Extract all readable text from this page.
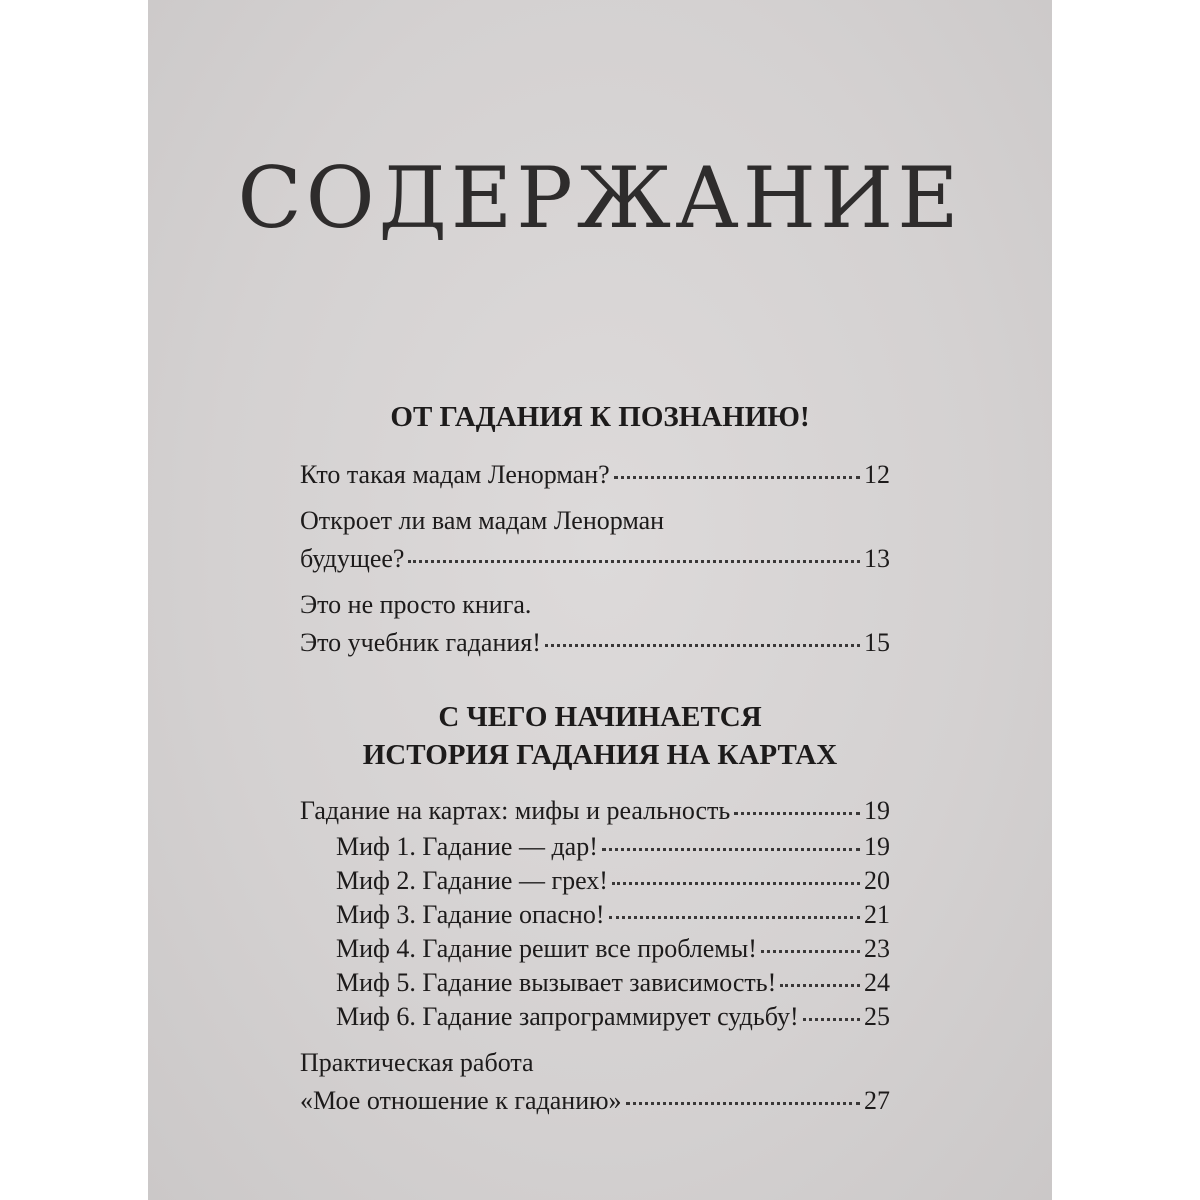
СОДЕРЖАНИЕ
ОТ ГАДАНИЯ К ПОЗНАНИЮ!
Кто такая мадам Ленорман?	12
Откроет ли вам мадам Ленорман
будущее?	13
Это не просто книга.
Это учебник гадания!	15
С ЧЕГО НАЧИНАЕТСЯ
ИСТОРИЯ ГАДАНИЯ НА КАРТАХ
Гадание на картах: мифы и реальность	19
Миф 1. Гадание — дар!	19
Миф 2. Гадание — грех!	20
Миф 3. Гадание опасно!	21
Миф 4. Гадание решит все проблемы!	23
Миф 5. Гадание вызывает зависимость!	24
Миф 6. Гадание запрограммирует судьбу!	25
Практическая работа
«Мое отношение к гаданию»	27
